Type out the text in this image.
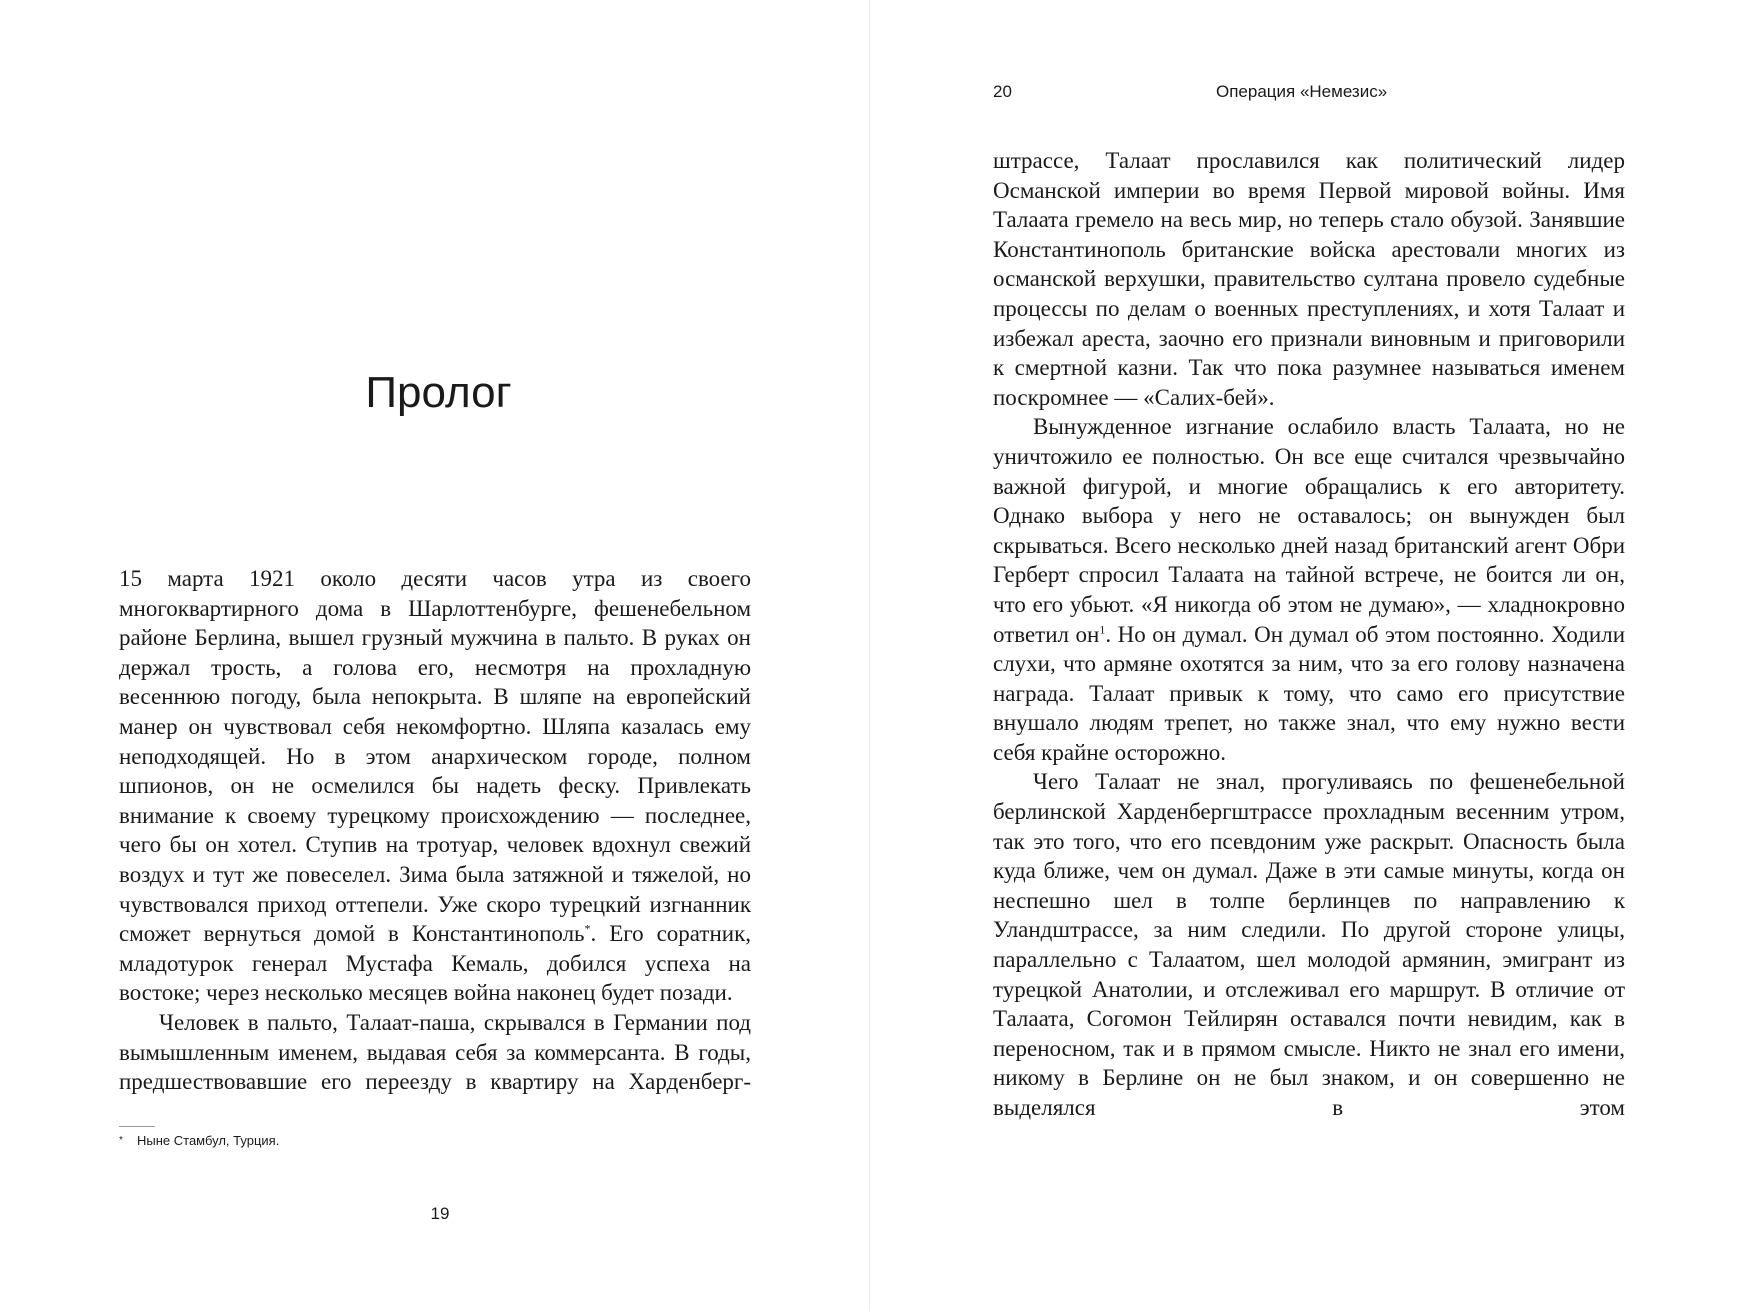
Пролог

15 марта 1921 около десяти часов утра из своего многоквартирного дома в Шарлоттенбурге, фешенебельном районе Берлина, вышел грузный мужчина в пальто. В руках он держал трость, а голова его, несмотря на прохладную весеннюю погоду, была непокрыта. В шляпе на европейский манер он чувствовал себя некомфортно. Шляпа казалась ему неподходящей. Но в этом анархическом городе, полном шпионов, он не осмелился бы надеть феску. Привлекать внимание к своему турецкому происхождению — последнее, чего бы он хотел. Ступив на тротуар, человек вдохнул свежий воздух и тут же повеселел. Зима была затяжной и тяжелой, но чувствовался приход оттепели. Уже скоро турецкий изгнанник сможет вернуться домой в Константинополь*. Его соратник, младотурок генерал Мустафа Кемаль, добился успеха на востоке; через несколько месяцев война наконец будет позади.

Человек в пальто, Талаат-паша, скрывался в Германии под вымышленным именем, выдавая себя за коммерсанта. В годы, предшествовавшие его переезду в квартиру на Харденберг-

* Ныне Стамбул, Турция.
19
20	Операция «Немезис»

штрассе, Талаат прославился как политический лидер Османской империи во время Первой мировой войны. Имя Талаата гремело на весь мир, но теперь стало обузой. Занявшие Константинополь британские войска арестовали многих из османской верхушки, правительство султана провело судебные процессы по делам о военных преступлениях, и хотя Талаат и избежал ареста, заочно его признали виновным и приговорили к смертной казни. Так что пока разумнее называться именем поскромнее — «Салих-бей».

Вынужденное изгнание ослабило власть Талаата, но не уничтожило ее полностью. Он все еще считался чрезвычайно важной фигурой, и многие обращались к его авторитету. Однако выбора у него не оставалось; он вынужден был скрываться. Всего несколько дней назад британский агент Обри Герберт спросил Талаата на тайной встрече, не боится ли он, что его убьют. «Я никогда об этом не думаю», — хладнокровно ответил он$^1$. Но он думал. Он думал об этом постоянно. Ходили слухи, что армяне охотятся за ним, что за его голову назначена награда. Талаат привык к тому, что само его присутствие внушало людям трепет, но также знал, что ему нужно вести себя крайне осторожно.

Чего Талаат не знал, прогуливаясь по фешенебельной берлинской Харденбергштрассе прохладным весенним утром, так это того, что его псевдоним уже раскрыт. Опасность была куда ближе, чем он думал. Даже в эти самые минуты, когда он неспешно шел в толпе берлинцев по направлению к Уландштрассе, за ним следили. По другой стороне улицы, параллельно с Талаатом, шел молодой армянин, эмигрант из турецкой Анатолии, и отслеживал его маршрут. В отличие от Талаата, Согомон Тейлирян оставался почти невидим, как в переносном, так и в прямом смысле. Никто не знал его имени, никому в Берлине он не был знаком, и он совершенно не выделялся в этом
